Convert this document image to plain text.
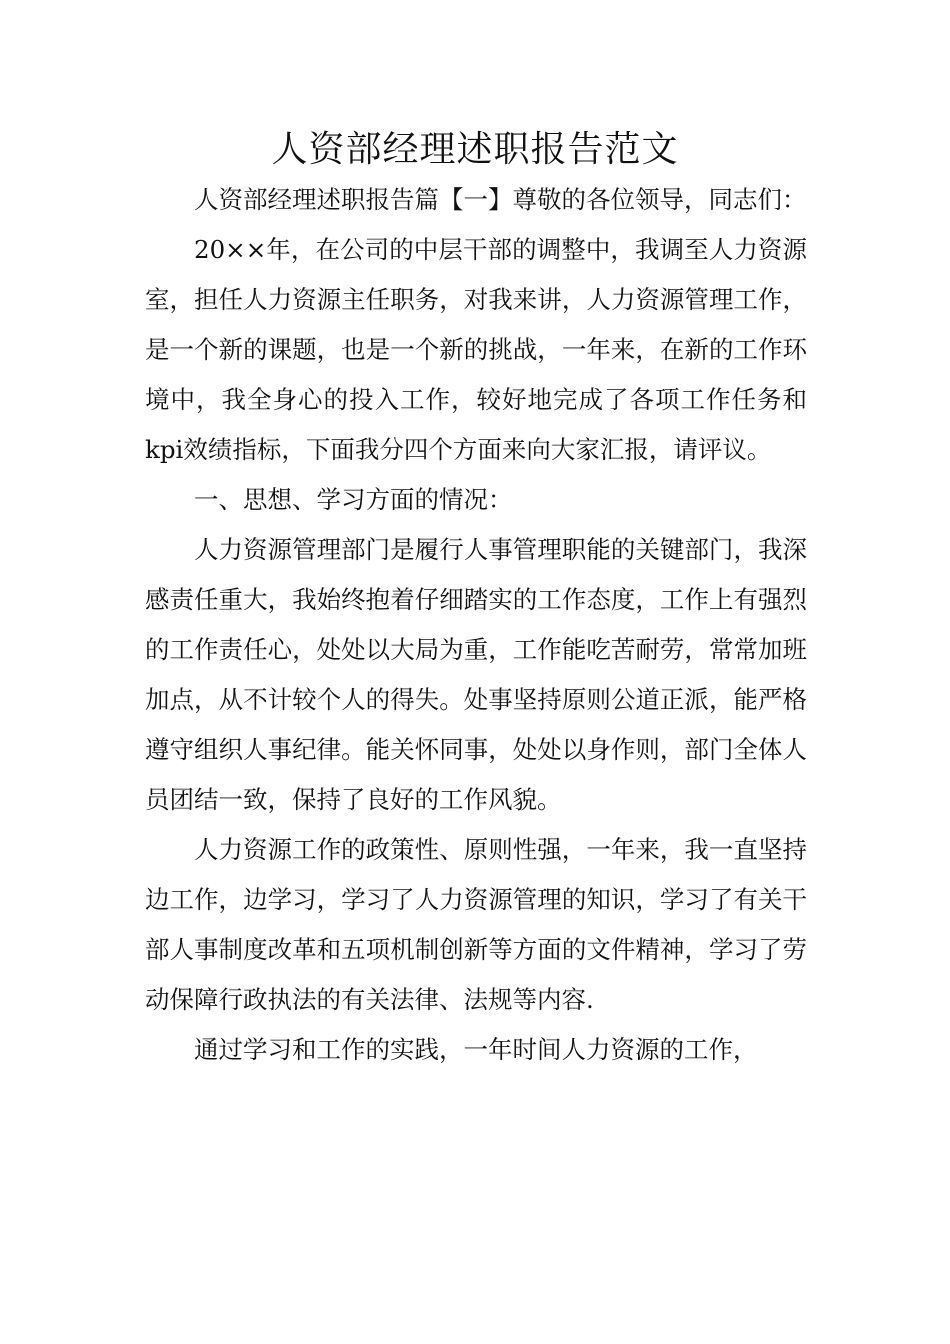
人资部经理述职报告范文

人资部经理述职报告篇【一】尊敬的各位领导，同志们：

20××年，在公司的中层干部的调整中，我调至人力资源室，担任人力资源主任职务，对我来讲，人力资源管理工作，是一个新的课题，也是一个新的挑战，一年来，在新的工作环境中，我全身心的投入工作，较好地完成了各项工作任务和kpi效绩指标，下面我分四个方面来向大家汇报，请评议。

一、思想、学习方面的情况：

人力资源管理部门是履行人事管理职能的关键部门，我深感责任重大，我始终抱着仔细踏实的工作态度，工作上有强烈的工作责任心，处处以大局为重，工作能吃苦耐劳，常常加班加点，从不计较个人的得失。处事坚持原则公道正派，能严格遵守组织人事纪律。能关怀同事，处处以身作则，部门全体人员团结一致，保持了良好的工作风貌。

人力资源工作的政策性、原则性强，一年来，我一直坚持边工作，边学习，学习了人力资源管理的知识，学习了有关干部人事制度改革和五项机制创新等方面的文件精神，学习了劳动保障行政执法的有关法律、法规等内容.

通过学习和工作的实践，一年时间人力资源的工作，
